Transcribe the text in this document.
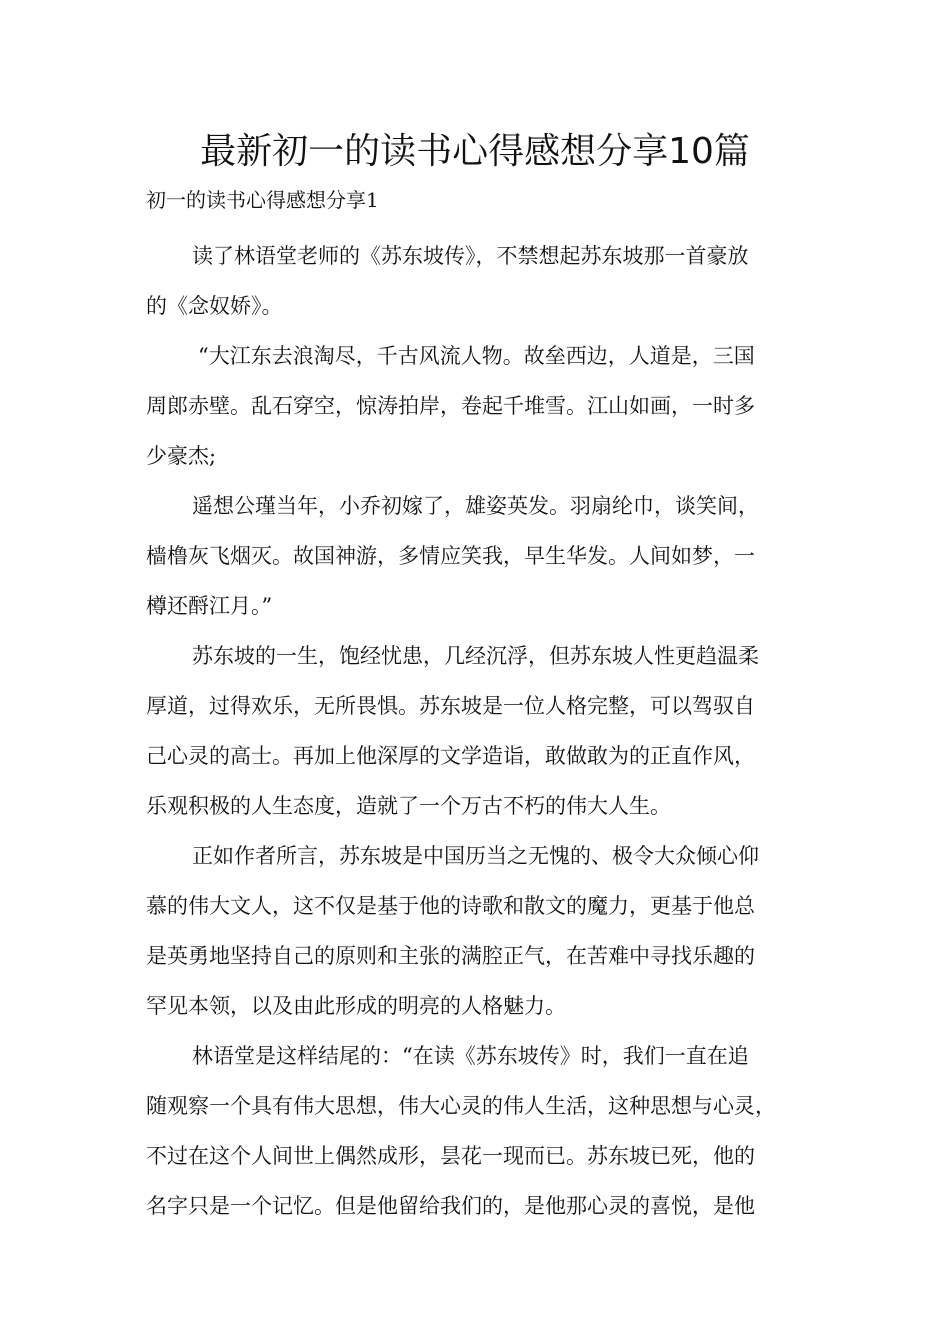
最新初一的读书心得感想分享10篇
初一的读书心得感想分享1

读了林语堂老师的《苏东坡传》，不禁想起苏东坡那一首豪放
的《念奴娇》。

“大江东去浪淘尽，千古风流人物。故垒西边，人道是，三国
周郎赤壁。乱石穿空，惊涛拍岸，卷起千堆雪。江山如画，一时多
少豪杰;

遥想公瑾当年，小乔初嫁了，雄姿英发。羽扇纶巾，谈笑间，
樯橹灰飞烟灭。故国神游，多情应笑我，早生华发。人间如梦，一
樽还酹江月。”

苏东坡的一生，饱经忧患，几经沉浮，但苏东坡人性更趋温柔
厚道，过得欢乐，无所畏惧。苏东坡是一位人格完整，可以驾驭自
己心灵的高士。再加上他深厚的文学造诣，敢做敢为的正直作风，
乐观积极的人生态度，造就了一个万古不朽的伟大人生。

正如作者所言，苏东坡是中国历当之无愧的、极令大众倾心仰
慕的伟大文人，这不仅是基于他的诗歌和散文的魔力，更基于他总
是英勇地坚持自己的原则和主张的满腔正气，在苦难中寻找乐趣的
罕见本领，以及由此形成的明亮的人格魅力。

林语堂是这样结尾的：“在读《苏东坡传》时，我们一直在追
随观察一个具有伟大思想，伟大心灵的伟人生活，这种思想与心灵，
不过在这个人间世上偶然成形，昙花一现而已。苏东坡已死，他的
名字只是一个记忆。但是他留给我们的，是他那心灵的喜悦，是他
